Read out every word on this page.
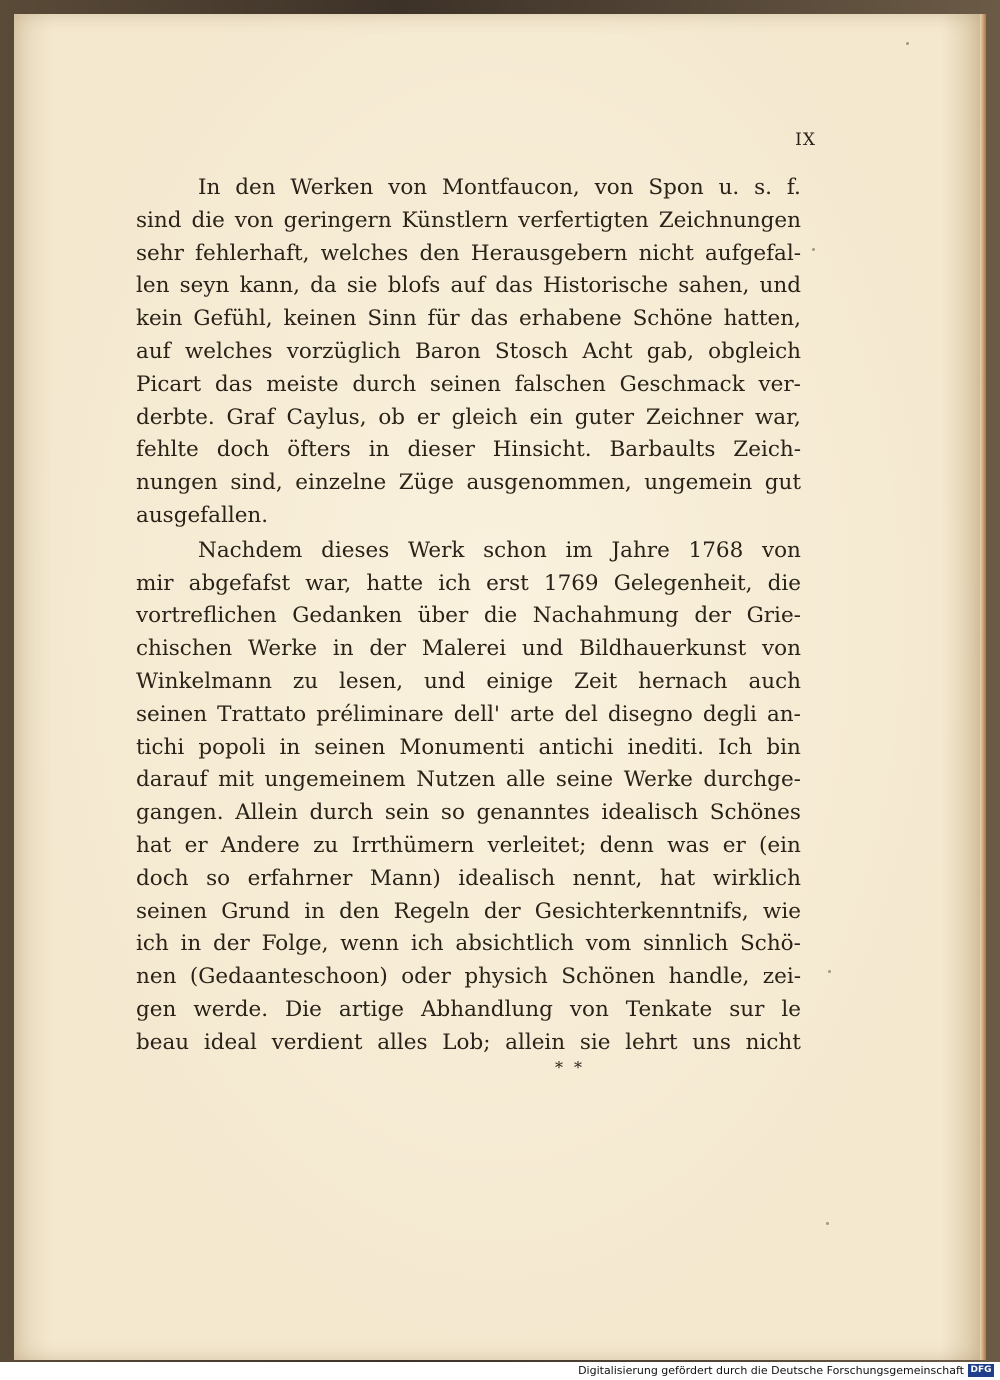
IX
In den Werken von Montfaucon, von Spon u. s. f.
sind die von geringern Künstlern verfertigten Zeichnungen
sehr fehlerhaft, welches den Herausgebern nicht aufgefal-
len seyn kann, da sie blofs auf das Historische sahen, und
kein Gefühl, keinen Sinn für das erhabene Schöne hatten,
auf welches vorzüglich Baron Stosch Acht gab, obgleich
Picart das meiste durch seinen falschen Geschmack ver-
derbte. Graf Caylus, ob er gleich ein guter Zeichner war,
fehlte doch öfters in dieser Hinsicht. Barbaults Zeich-
nungen sind, einzelne Züge ausgenommen, ungemein gut
ausgefallen.
Nachdem dieses Werk schon im Jahre 1768 von
mir abgefafst war, hatte ich erst 1769 Gelegenheit, die
vortreflichen Gedanken über die Nachahmung der Grie-
chischen Werke in der Malerei und Bildhauerkunst von
Winkelmann zu lesen, und einige Zeit hernach auch
seinen Trattato préliminare dell' arte del disegno degli an-
tichi popoli in seinen Monumenti antichi inediti. Ich bin
darauf mit ungemeinem Nutzen alle seine Werke durchge-
gangen. Allein durch sein so genanntes idealisch Schönes
hat er Andere zu Irrthümern verleitet; denn was er (ein
doch so erfahrner Mann) idealisch nennt, hat wirklich
seinen Grund in den Regeln der Gesichterkenntnifs, wie
ich in der Folge, wenn ich absichtlich vom sinnlich Schö-
nen (Gedaanteschoon) oder physich Schönen handle, zei-
gen werde. Die artige Abhandlung von Tenkate sur le
beau ideal verdient alles Lob; allein sie lehrt uns nicht
* *
Digitalisierung gefördert durch die Deutsche Forschungsgemeinschaft DFG
